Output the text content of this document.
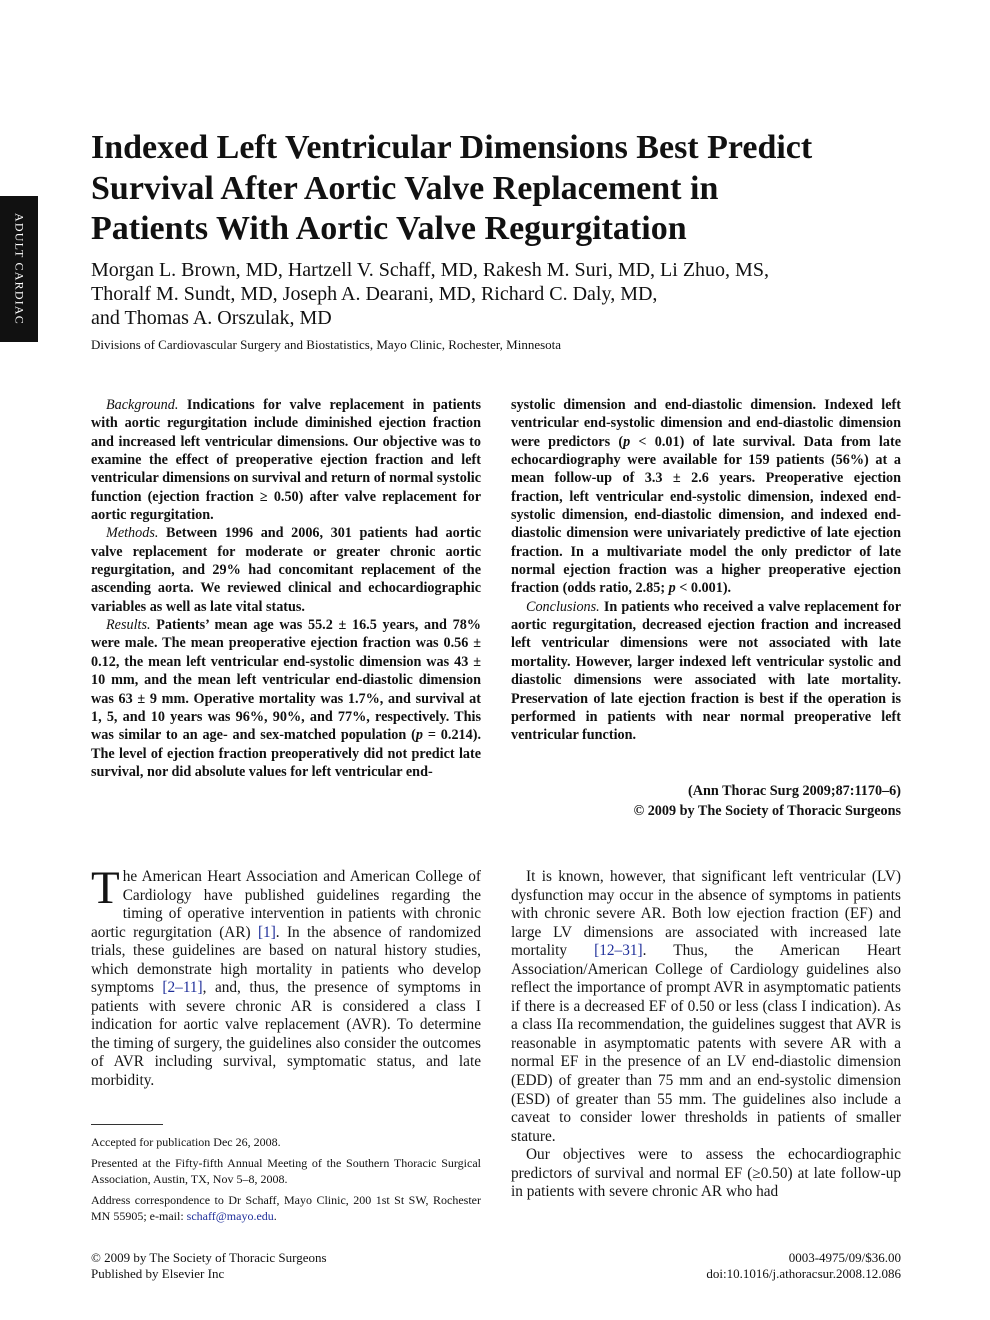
ADULT CARDIAC
Indexed Left Ventricular Dimensions Best Predict
Survival After Aortic Valve Replacement in
Patients With Aortic Valve Regurgitation
Morgan L. Brown, MD, Hartzell V. Schaff, MD, Rakesh M. Suri, MD, Li Zhuo, MS,
Thoralf M. Sundt, MD, Joseph A. Dearani, MD, Richard C. Daly, MD,
and Thomas A. Orszulak, MD
Divisions of Cardiovascular Surgery and Biostatistics, Mayo Clinic, Rochester, Minnesota

Background. Indications for valve replacement in patients with aortic regurgitation include diminished ejection fraction and increased left ventricular dimensions. Our objective was to examine the effect of preoperative ejection fraction and left ventricular dimensions on survival and return of normal systolic function (ejection fraction ≥ 0.50) after valve replacement for aortic regurgitation.

Methods. Between 1996 and 2006, 301 patients had aortic valve replacement for moderate or greater chronic aortic regurgitation, and 29% had concomitant replacement of the ascending aorta. We reviewed clinical and echocardiographic variables as well as late vital status.

Results. Patients’ mean age was 55.2 ± 16.5 years, and 78% were male. The mean preoperative ejection fraction was 0.56 ± 0.12, the mean left ventricular end-systolic dimension was 43 ± 10 mm, and the mean left ventricular end-diastolic dimension was 63 ± 9 mm. Operative mortality was 1.7%, and survival at 1, 5, and 10 years was 96%, 90%, and 77%, respectively. This was similar to an age- and sex-matched population (p = 0.214). The level of ejection fraction preoperatively did not predict late survival, nor did absolute values for left ventricular end-

systolic dimension and end-diastolic dimension. Indexed left ventricular end-systolic dimension and end-diastolic dimension were predictors (p < 0.01) of late survival. Data from late echocardiography were available for 159 patients (56%) at a mean follow-up of 3.3 ± 2.6 years. Preoperative ejection fraction, left ventricular end-systolic dimension, indexed end-systolic dimension, end-diastolic dimension, and indexed end-diastolic dimension were univariately predictive of late ejection fraction. In a multivariate model the only predictor of late normal ejection fraction was a higher preoperative ejection fraction (odds ratio, 2.85; p < 0.001).

Conclusions. In patients who received a valve replacement for aortic regurgitation, decreased ejection fraction and increased left ventricular dimensions were not associated with late mortality. However, larger indexed left ventricular systolic and diastolic dimensions were associated with late mortality. Preservation of late ejection fraction is best if the operation is performed in patients with near normal preoperative left ventricular function.

(Ann Thorac Surg 2009;87:1170–6)
© 2009 by The Society of Thoracic Surgeons

The American Heart Association and American College of Cardiology have published guidelines regarding the timing of operative intervention in patients with chronic aortic regurgitation (AR) [1]. In the absence of randomized trials, these guidelines are based on natural history studies, which demonstrate high mortality in patients who develop symptoms [2–11], and, thus, the presence of symptoms in patients with severe chronic AR is considered a class I indication for aortic valve replacement (AVR). To determine the timing of surgery, the guidelines also consider the outcomes of AVR including survival, symptomatic status, and late morbidity.

Accepted for publication Dec 26, 2008.

Presented at the Fifty-fifth Annual Meeting of the Southern Thoracic Surgical Association, Austin, TX, Nov 5–8, 2008.

Address correspondence to Dr Schaff, Mayo Clinic, 200 1st St SW, Rochester MN 55905; e-mail: schaff@mayo.edu.

It is known, however, that significant left ventricular (LV) dysfunction may occur in the absence of symptoms in patients with chronic severe AR. Both low ejection fraction (EF) and large LV dimensions are associated with increased late mortality [12–31]. Thus, the American Heart Association/American College of Cardiology guidelines also reflect the importance of prompt AVR in asymptomatic patients if there is a decreased EF of 0.50 or less (class I indication). As a class IIa recommendation, the guidelines suggest that AVR is reasonable in asymptomatic patents with severe AR with a normal EF in the presence of an LV end-diastolic dimension (EDD) of greater than 75 mm and an end-systolic dimension (ESD) of greater than 55 mm. The guidelines also include a caveat to consider lower thresholds in patients of smaller stature.

Our objectives were to assess the echocardiographic predictors of survival and normal EF (≥0.50) at late follow-up in patients with severe chronic AR who had

© 2009 by The Society of Thoracic Surgeons
Published by Elsevier Inc
0003-4975/09/$36.00
doi:10.1016/j.athoracsur.2008.12.086
